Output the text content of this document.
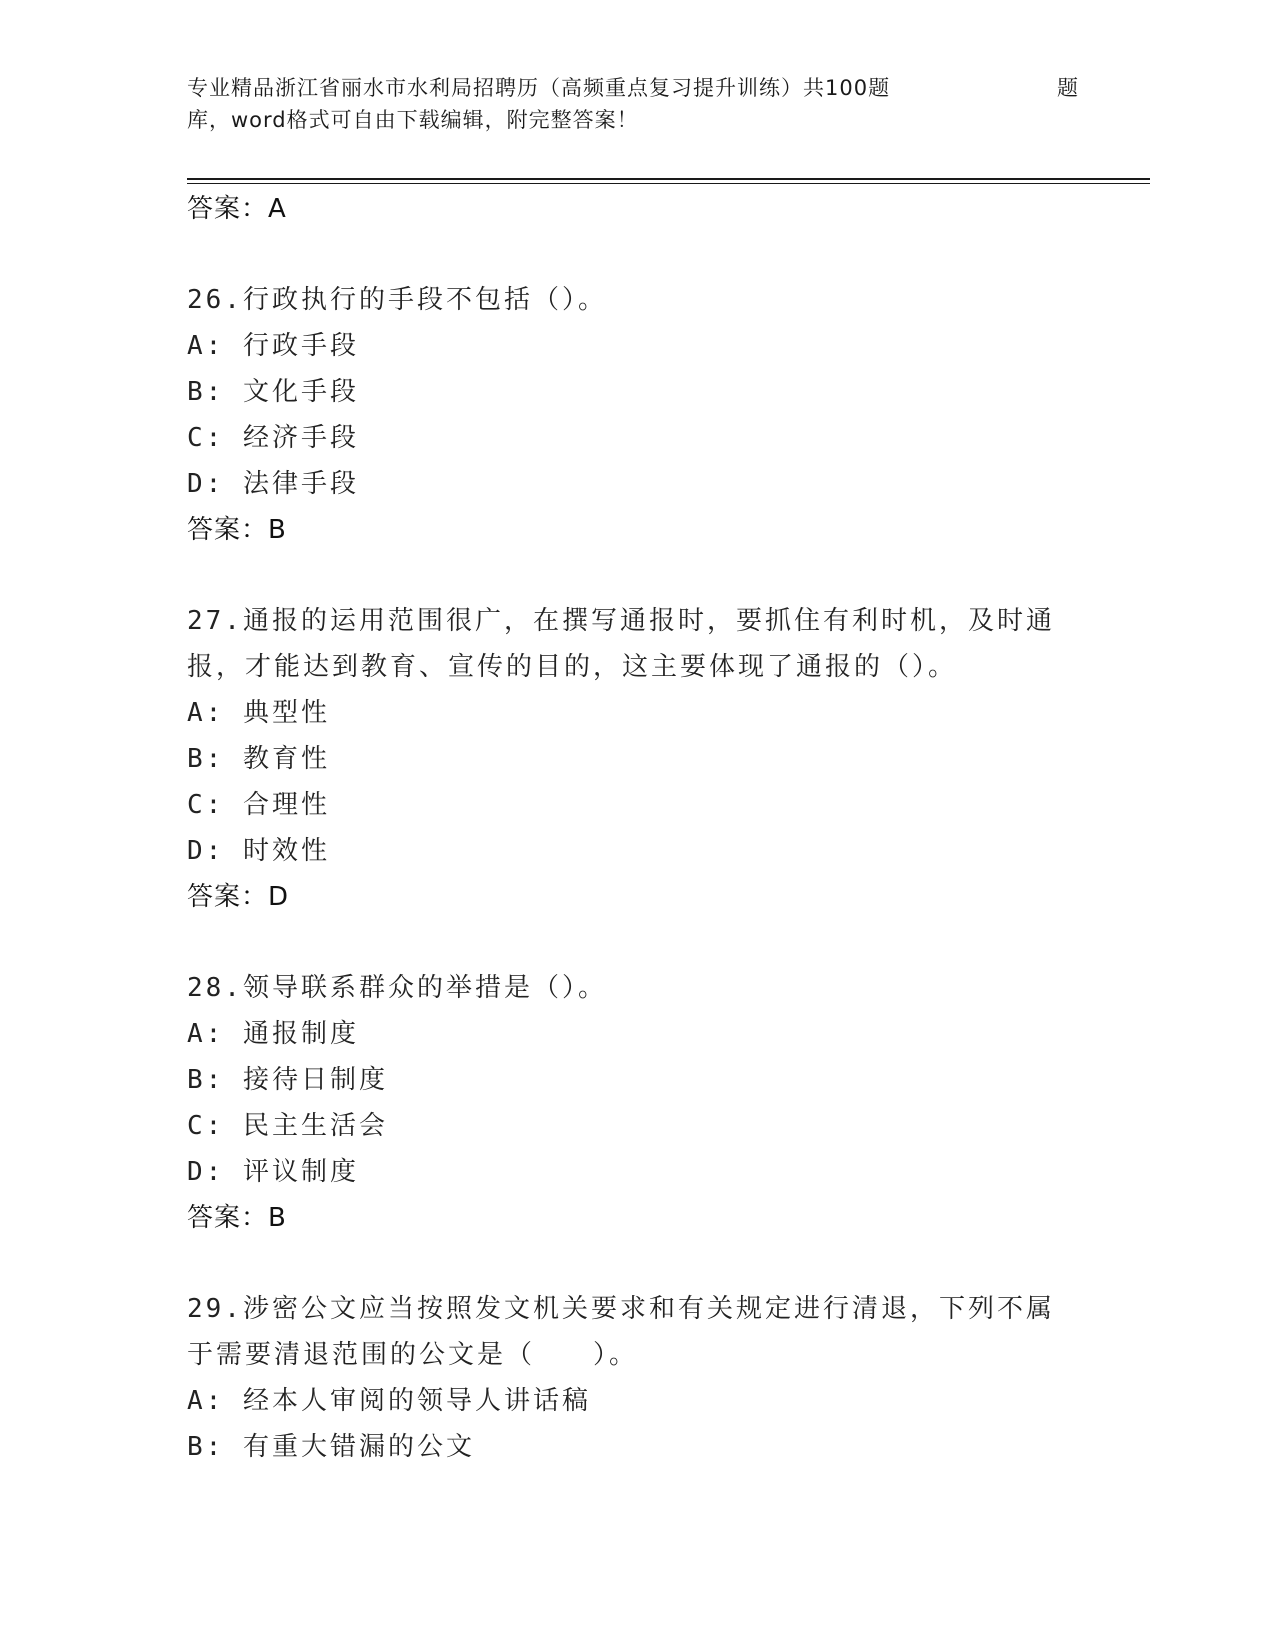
专业精品浙江省丽水市水利局招聘历（高频重点复习提升训练）共100题	题
库，word格式可自由下载编辑，附完整答案！
答案：A
26.行政执行的手段不包括（）。
A: 行政手段
B: 文化手段
C: 经济手段
D: 法律手段
答案：B
27.通报的运用范围很广，在撰写通报时，要抓住有利时机，及时通报，才能达到教育、宣传的目的，这主要体现了通报的（）。
A: 典型性
B: 教育性
C: 合理性
D: 时效性
答案：D
28.领导联系群众的举措是（）。
A: 通报制度
B: 接待日制度
C: 民主生活会
D: 评议制度
答案：B
29.涉密公文应当按照发文机关要求和有关规定进行清退，下列不属于需要清退范围的公文是（　　）。
A: 经本人审阅的领导人讲话稿
B: 有重大错漏的公文
